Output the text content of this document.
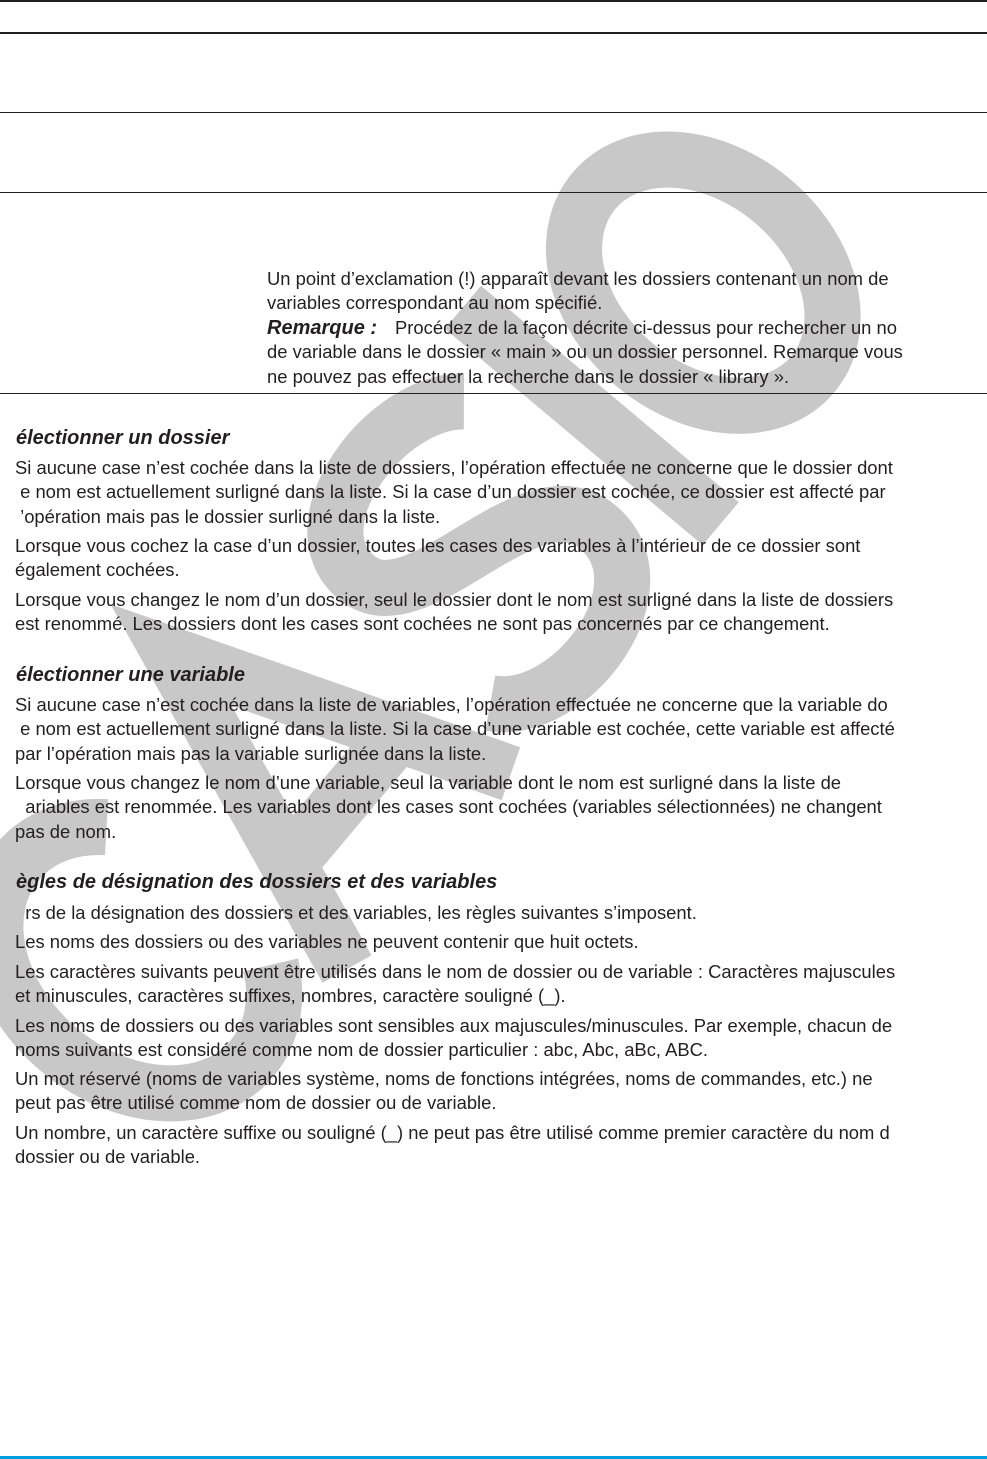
Un point d’exclamation (!) apparaît devant les dossiers contenant un nom de
variables correspondant au nom spécifié.
Remarque : Procédez de la façon décrite ci-dessus pour rechercher un no
de variable dans le dossier « main » ou un dossier personnel. Remarque vous
ne pouvez pas effectuer la recherche dans le dossier « library ».
électionner un dossier
Si aucune case n’est cochée dans la liste de dossiers, l’opération effectuée ne concerne que le dossier dont
e nom est actuellement surligné dans la liste. Si la case d’un dossier est cochée, ce dossier est affecté par
’opération mais pas le dossier surligné dans la liste.
Lorsque vous cochez la case d’un dossier, toutes les cases des variables à l’intérieur de ce dossier sont
également cochées.
Lorsque vous changez le nom d’un dossier, seul le dossier dont le nom est surligné dans la liste de dossiers
est renommé. Les dossiers dont les cases sont cochées ne sont pas concernés par ce changement.
électionner une variable
Si aucune case n’est cochée dans la liste de variables, l’opération effectuée ne concerne que la variable do
e nom est actuellement surligné dans la liste. Si la case d’une variable est cochée, cette variable est affecté
par l’opération mais pas la variable surlignée dans la liste.
Lorsque vous changez le nom d’une variable, seul la variable dont le nom est surligné dans la liste de
ariables est renommée. Les variables dont les cases sont cochées (variables sélectionnées) ne changent
pas de nom.
ègles de désignation des dossiers et des variables
rs de la désignation des dossiers et des variables, les règles suivantes s’imposent.
Les noms des dossiers ou des variables ne peuvent contenir que huit octets.
Les caractères suivants peuvent être utilisés dans le nom de dossier ou de variable : Caractères majuscules
et minuscules, caractères suffixes, nombres, caractère souligné (_).
Les noms de dossiers ou des variables sont sensibles aux majuscules/minuscules. Par exemple, chacun de
noms suivants est considéré comme nom de dossier particulier : abc, Abc, aBc, ABC.
Un mot réservé (noms de variables système, noms de fonctions intégrées, noms de commandes, etc.) ne
peut pas être utilisé comme nom de dossier ou de variable.
Un nombre, un caractère suffixe ou souligné (_) ne peut pas être utilisé comme premier caractère du nom d
dossier ou de variable.
